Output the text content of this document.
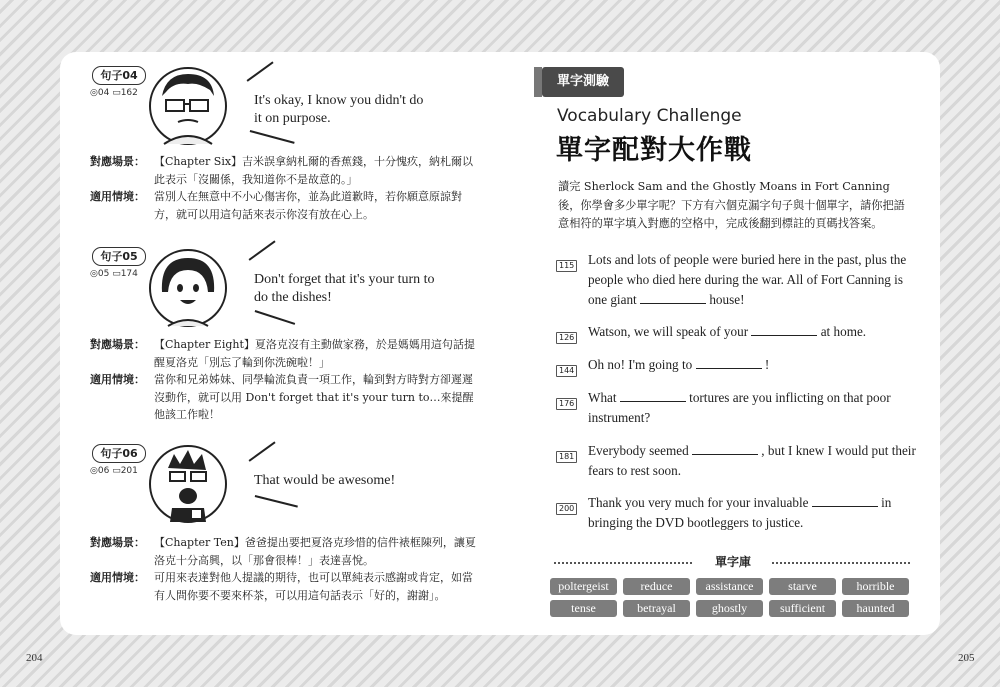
句子04
◎04 ▭162	It's okay, I know you didn't do it on purpose.
對應場景： 【Chapter Six】吉米誤拿納札爾的香蕉錢，十分愧疚，納札爾以此表示「沒關係，我知道你不是故意的。」
適用情境： 當別人在無意中不小心傷害你，並為此道歉時，若你願意原諒對方，就可以用這句話來表示你沒有放在心上。
句子05
◎05 ▭174	Don't forget that it's your turn to do the dishes!
對應場景： 【Chapter Eight】夏洛克沒有主動做家務，於是媽媽用這句話提醒夏洛克「別忘了輪到你洗碗啦！」
適用情境： 當你和兄弟姊妹、同學輪流負責一項工作，輪到對方時對方卻遲遲沒動作，就可以用 Don't forget that it's your turn to…來提醒他該工作啦！
句子06
◎06 ▭201
That would be awesome!
對應場景： 【Chapter Ten】爸爸提出要把夏洛克珍惜的信件裱框陳列，讓夏洛克十分高興，以「那會很棒！」表達喜悅。
適用情境： 可用來表達對他人提議的期待，也可以單純表示感謝或肯定，如當有人問你要不要來杯茶，可以用這句話表示「好的，謝謝」。
單字測驗
Vocabulary Challenge
單字配對大作戰
讀完 Sherlock Sam and the Ghostly Moans in Fort Canning 後，你學會多少單字呢？下方有六個克漏字句子與十個單字，請你把語意相符的單字填入對應的空格中，完成後翻到標註的頁碼找答案。
115	Lots and lots of people were buried here in the past, plus the people who died here during the war. All of Fort Canning is one giant	house!
126	Watson, we will speak of your	at home.
144	Oh no! I'm going to	!
176	What	tortures are you inflicting on that poor instrument?
181	Everybody seemed	, but I knew I would put their fears to rest soon.
200	Thank you very much for your invaluable	in bringing the DVD bootleggers to justice.
單字庫
poltergeist	reduce	assistance	starve	horrible
tense	betrayal	ghostly	sufficient	haunted
204	205
